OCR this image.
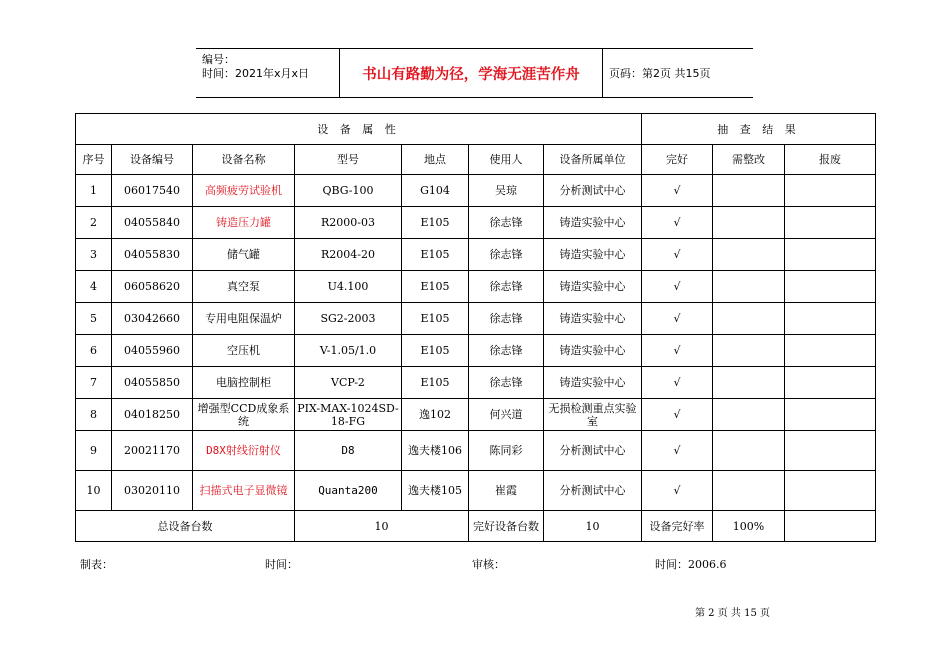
编号：
时间：2021年x月x日	书山有路勤为径，学海无涯苦作舟	页码：第2页 共15页
设 备 属 性							抽 查 结 果		
序号	设备编号	设备名称	型号	地点	使用人	设备所属单位	完好	需整改	报废
1	06017540	高频疲劳试验机	QBG-100	G104	吴琼	分析测试中心	√		
2	04055840	铸造压力罐	R2000-03	E105	徐志锋	铸造实验中心	√		
3	04055830	储气罐	R2004-20	E105	徐志锋	铸造实验中心	√		
4	06058620	真空泵	U4.100	E105	徐志锋	铸造实验中心	√		
5	03042660	专用电阻保温炉	SG2-2003	E105	徐志锋	铸造实验中心	√		
6	04055960	空压机	V-1.05/1.0	E105	徐志锋	铸造实验中心	√		
7	04055850	电脑控制柜	VCP-2	E105	徐志锋	铸造实验中心	√		
8	04018250	增强型CCD成象系统	PIX-MAX-1024SD-18-FG	逸102	何兴道	无损检测重点实验室	√		
9	20021170	D8X射线衍射仪	D8	逸夫楼106	陈同彩	分析测试中心	√		
10	03020110	扫描式电子显微镜	Quanta200	逸夫楼105	崔霞	分析测试中心	√		
总设备台数			10		完好设备台数	10	设备完好率	100%	
制表：	时间：	审核：	时间：2006.6
第 2 页 共 15 页
